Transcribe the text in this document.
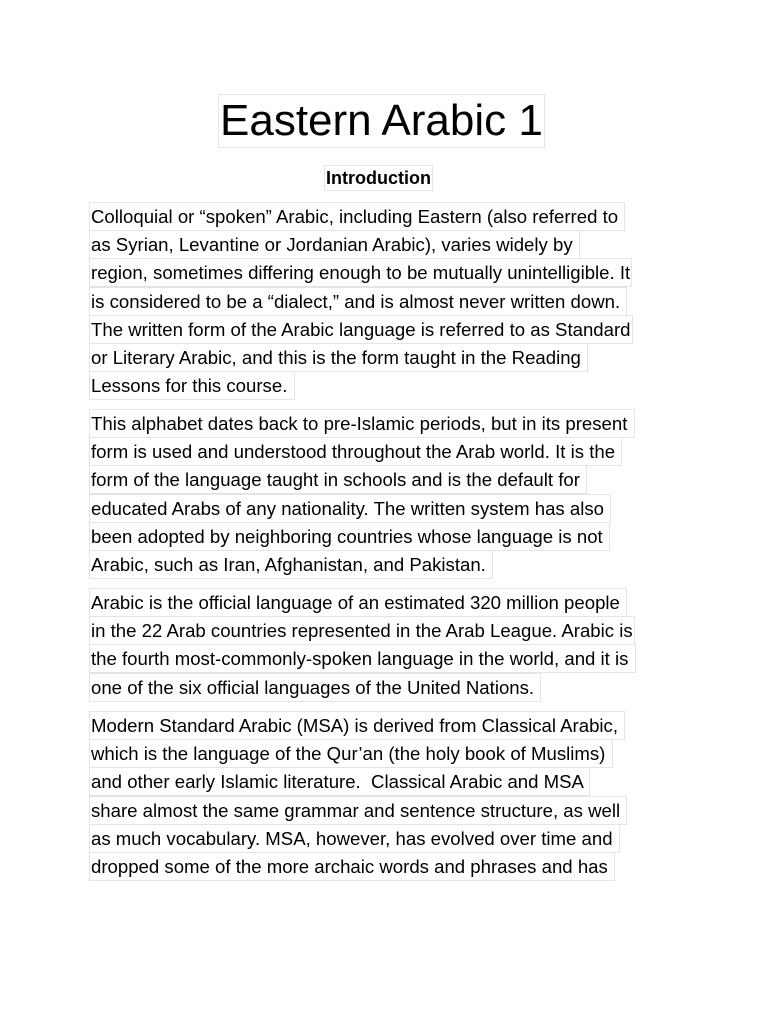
Eastern Arabic 1
Introduction
Colloquial or “spoken” Arabic, including Eastern (also referred to
as Syrian, Levantine or Jordanian Arabic), varies widely by
region, sometimes differing enough to be mutually unintelligible. It
is considered to be a “dialect,” and is almost never written down.
The written form of the Arabic language is referred to as Standard
or Literary Arabic, and this is the form taught in the Reading
Lessons for this course.
This alphabet dates back to pre-Islamic periods, but in its present
form is used and understood throughout the Arab world. It is the
form of the language taught in schools and is the default for
educated Arabs of any nationality. The written system has also
been adopted by neighboring countries whose language is not
Arabic, such as Iran, Afghanistan, and Pakistan.
Arabic is the official language of an estimated 320 million people
in the 22 Arab countries represented in the Arab League. Arabic is
the fourth most-commonly-spoken language in the world, and it is
one of the six official languages of the United Nations.
Modern Standard Arabic (MSA) is derived from Classical Arabic,
which is the language of the Qur’an (the holy book of Muslims)
and other early Islamic literature.  Classical Arabic and MSA
share almost the same grammar and sentence structure, as well
as much vocabulary. MSA, however, has evolved over time and
dropped some of the more archaic words and phrases and has
